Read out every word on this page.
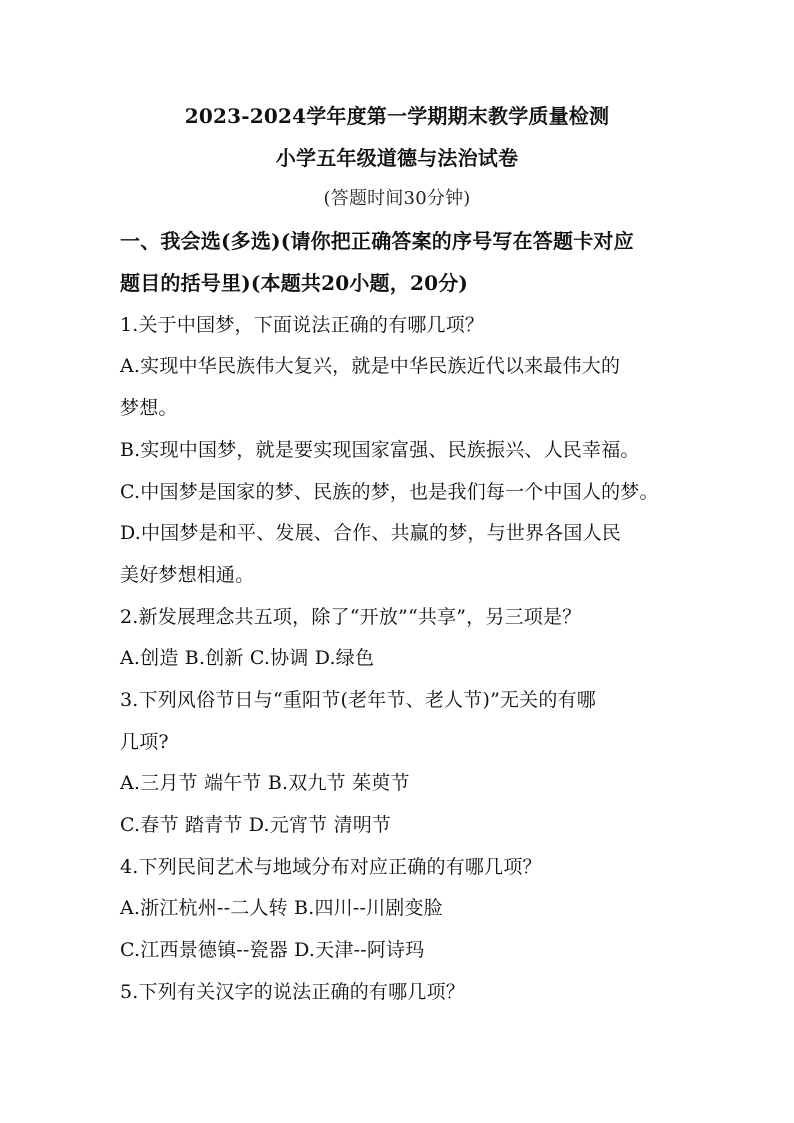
2023-2024学年度第一学期期末教学质量检测
小学五年级道德与法治试卷
(答题时间30分钟)
一、我会选(多选)(请你把正确答案的序号写在答题卡对应
题目的括号里)(本题共20小题，20分)
1.关于中国梦，下面说法正确的有哪几项？
A.实现中华民族伟大复兴，就是中华民族近代以来最伟大的
梦想。
B.实现中国梦，就是要实现国家富强、民族振兴、人民幸福。
C.中国梦是国家的梦、民族的梦，也是我们每一个中国人的梦。
D.中国梦是和平、发展、合作、共赢的梦，与世界各国人民
美好梦想相通。
2.新发展理念共五项，除了“开放”“共享”，另三项是？
A.创造 B.创新 C.协调 D.绿色
3.下列风俗节日与“重阳节(老年节、老人节)”无关的有哪
几项?
A.三月节 端午节 B.双九节 茱萸节
C.春节 踏青节 D.元宵节 清明节
4.下列民间艺术与地域分布对应正确的有哪几项？
A.浙江杭州--二人转 B.四川--川剧变脸
C.江西景德镇--瓷器 D.天津--阿诗玛
5.下列有关汉字的说法正确的有哪几项？
